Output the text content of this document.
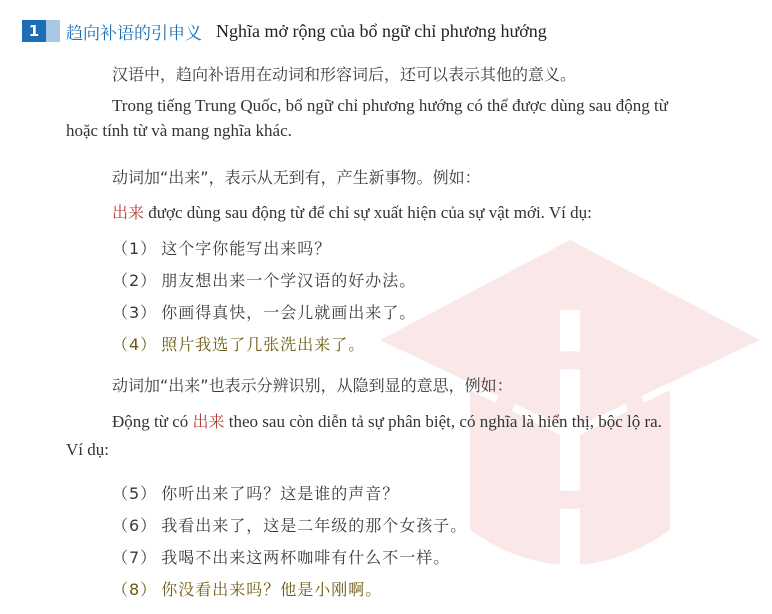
1	趋向补语的引申义 Nghĩa mở rộng của bổ ngữ chỉ phương hướng
汉语中，趋向补语用在动词和形容词后，还可以表示其他的意义。
Trong tiếng Trung Quốc, bổ ngữ chỉ phương hướng có thể được dùng sau động từ
hoặc tính từ và mang nghĩa khác.
动词加“出来”，表示从无到有，产生新事物。例如：
出来 được dùng sau động từ để chỉ sự xuất hiện của sự vật mới. Ví dụ:
（1） 这个字你能写出来吗？
（2） 朋友想出来一个学汉语的好办法。
（3） 你画得真快，一会儿就画出来了。
（4） 照片我选了几张洗出来了。
动词加“出来”也表示分辨识别，从隐到显的意思，例如：
Động từ có 出来 theo sau còn diễn tả sự phân biệt, có nghĩa là hiển thị, bộc lộ ra.
Ví dụ:
（5） 你听出来了吗？这是谁的声音？
（6） 我看出来了，这是二年级的那个女孩子。
（7） 我喝不出来这两杯咖啡有什么不一样。
（8） 你没看出来吗？他是小刚啊。
